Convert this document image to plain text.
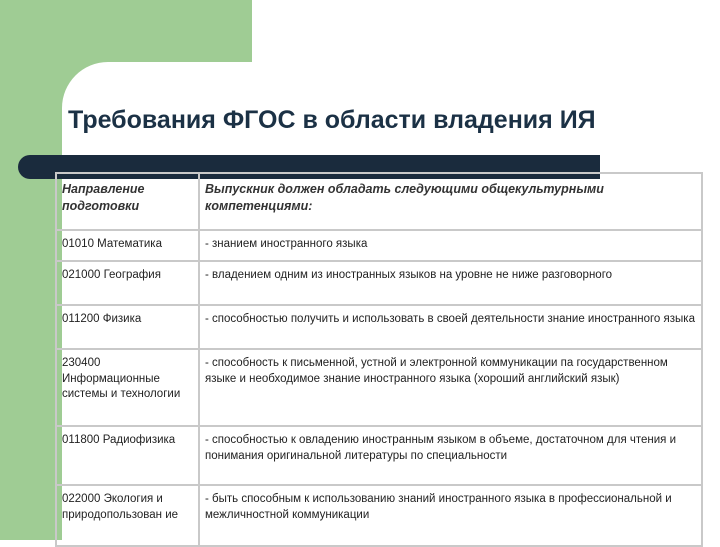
Требования ФГОС в области владения ИЯ
Направление подготовки	Выпускник должен обладать следующими общекультурными компетенциями:
01010 Математика	- знанием иностранного языка
021000 География	- владением одним из иностранных языков на уровне не ниже разговорного
011200 Физика	- способностью получить и использовать в своей деятельности знание иностранного языка
230400 Информационные системы и технологии	- способность к письменной, устной и электронной коммуникации па государственном языке и необходимое знание иностранного языка (хороший английский язык)
011800 Радиофизика	- способностью к овладению иностранным языком в объеме, достаточном для чтения и понимания оригинальной литературы по специальности
022000 Экология и природопользован ие	- быть способным к использованию знаний иностранного языка в профессиональной и межличностной коммуникации
